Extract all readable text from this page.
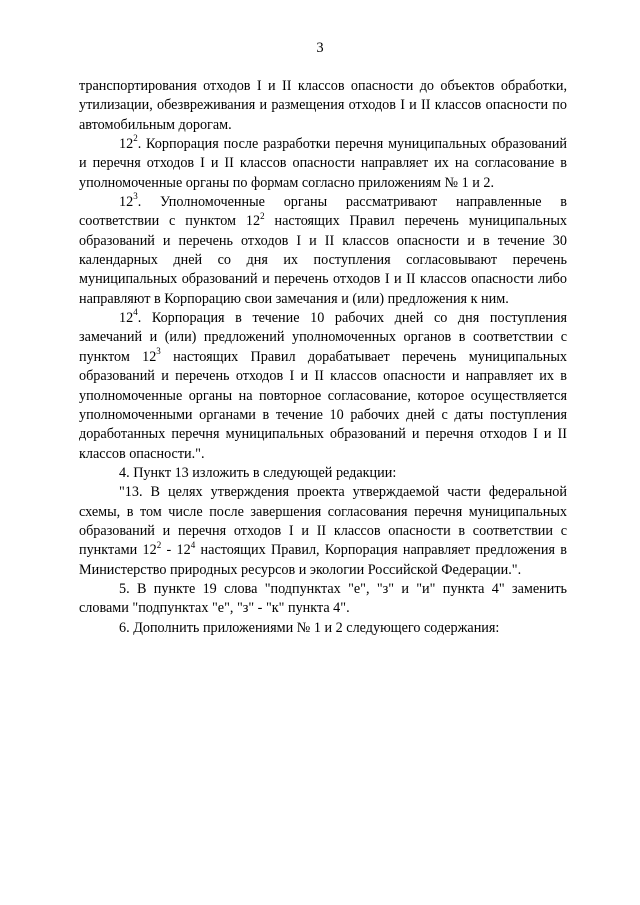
3

транспортирования отходов I и II классов опасности до объектов обработки, утилизации, обезвреживания и размещения отходов I и II классов опасности по автомобильным дорогам.

$12^2$. Корпорация после разработки перечня муниципальных образований и перечня отходов I и II классов опасности направляет их на согласование в уполномоченные органы по формам согласно приложениям № 1 и 2.

$12^3$. Уполномоченные органы рассматривают направленные в соответствии с пунктом $12^2$ настоящих Правил перечень муниципальных образований и перечень отходов I и II классов опасности и в течение 30 календарных дней со дня их поступления согласовывают перечень муниципальных образований и перечень отходов I и II классов опасности либо направляют в Корпорацию свои замечания и (или) предложения к ним.

$12^4$. Корпорация в течение 10 рабочих дней со дня поступления замечаний и (или) предложений уполномоченных органов в соответствии с пунктом $12^3$ настоящих Правил дорабатывает перечень муниципальных образований и перечень отходов I и II классов опасности и направляет их в уполномоченные органы на повторное согласование, которое осуществляется уполномоченными органами в течение 10 рабочих дней с даты поступления доработанных перечня муниципальных образований и перечня отходов I и II классов опасности.".

4. Пункт 13 изложить в следующей редакции:

"13. В целях утверждения проекта утверждаемой части федеральной схемы, в том числе после завершения согласования перечня муниципальных образований и перечня отходов I и II классов опасности в соответствии с пунктами $12^2 - 12^4$ настоящих Правил, Корпорация направляет предложения в Министерство природных ресурсов и экологии Российской Федерации.".

5. В пункте 19 слова "подпунктах "е", "з" и "и" пункта 4" заменить словами "подпунктах "е", "з" - "к" пункта 4".

6. Дополнить приложениями № 1 и 2 следующего содержания:
